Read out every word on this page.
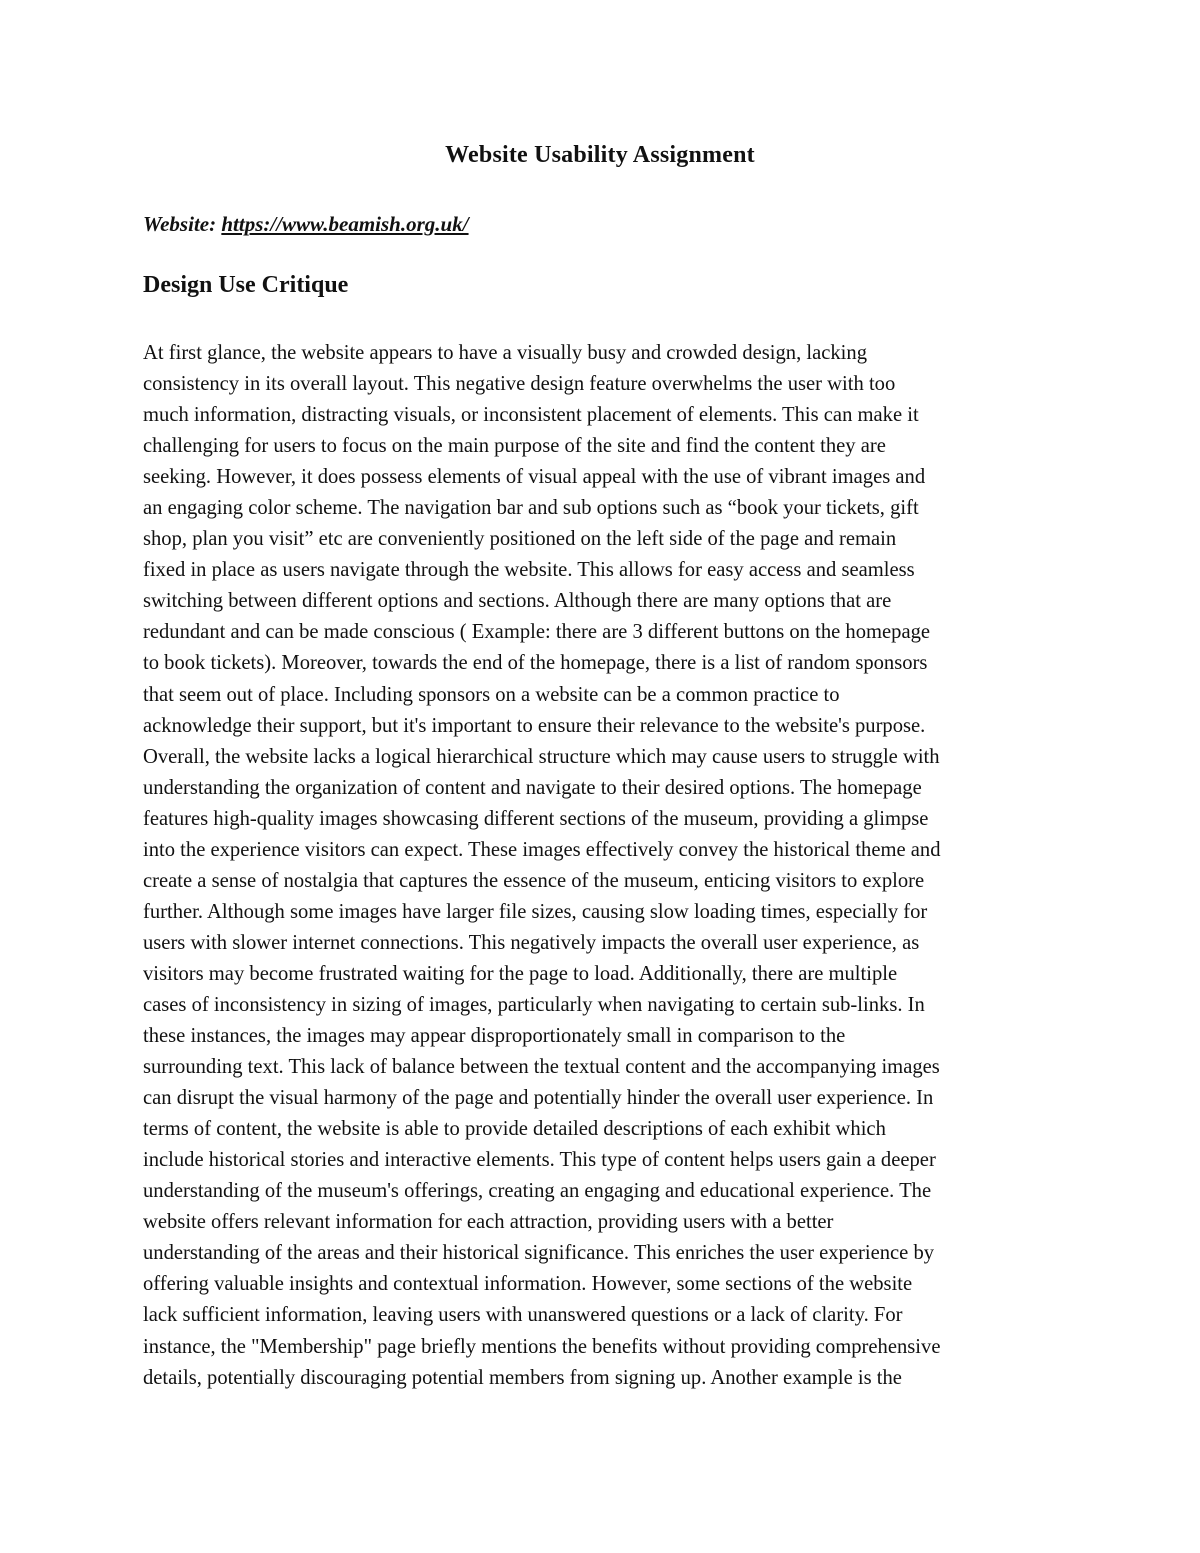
Website Usability Assignment

Website: https://www.beamish.org.uk/

Design Use Critique

At first glance, the website appears to have a visually busy and crowded design, lacking
consistency in its overall layout. This negative design feature overwhelms the user with too
much information, distracting visuals, or inconsistent placement of elements. This can make it
challenging for users to focus on the main purpose of the site and find the content they are
seeking. However, it does possess elements of visual appeal with the use of vibrant images and
an engaging color scheme. The navigation bar and sub options such as “book your tickets, gift
shop, plan you visit” etc are conveniently positioned on the left side of the page and remain
fixed in place as users navigate through the website. This allows for easy access and seamless
switching between different options and sections. Although there are many options that are
redundant and can be made conscious ( Example: there are 3 different buttons on the homepage
to book tickets). Moreover, towards the end of the homepage, there is a list of random sponsors
that seem out of place. Including sponsors on a website can be a common practice to
acknowledge their support, but it's important to ensure their relevance to the website's purpose.
Overall, the website lacks a logical hierarchical structure which may cause users to struggle with
understanding the organization of content and navigate to their desired options. The homepage
features high-quality images showcasing different sections of the museum, providing a glimpse
into the experience visitors can expect. These images effectively convey the historical theme and
create a sense of nostalgia that captures the essence of the museum, enticing visitors to explore
further. Although some images have larger file sizes, causing slow loading times, especially for
users with slower internet connections. This negatively impacts the overall user experience, as
visitors may become frustrated waiting for the page to load. Additionally, there are multiple
cases of inconsistency in sizing of images, particularly when navigating to certain sub-links. In
these instances, the images may appear disproportionately small in comparison to the
surrounding text. This lack of balance between the textual content and the accompanying images
can disrupt the visual harmony of the page and potentially hinder the overall user experience. In
terms of content, the website is able to provide detailed descriptions of each exhibit which
include historical stories and interactive elements. This type of content helps users gain a deeper
understanding of the museum's offerings, creating an engaging and educational experience. The
website offers relevant information for each attraction, providing users with a better
understanding of the areas and their historical significance. This enriches the user experience by
offering valuable insights and contextual information. However, some sections of the website
lack sufficient information, leaving users with unanswered questions or a lack of clarity. For
instance, the "Membership" page briefly mentions the benefits without providing comprehensive
details, potentially discouraging potential members from signing up. Another example is the
